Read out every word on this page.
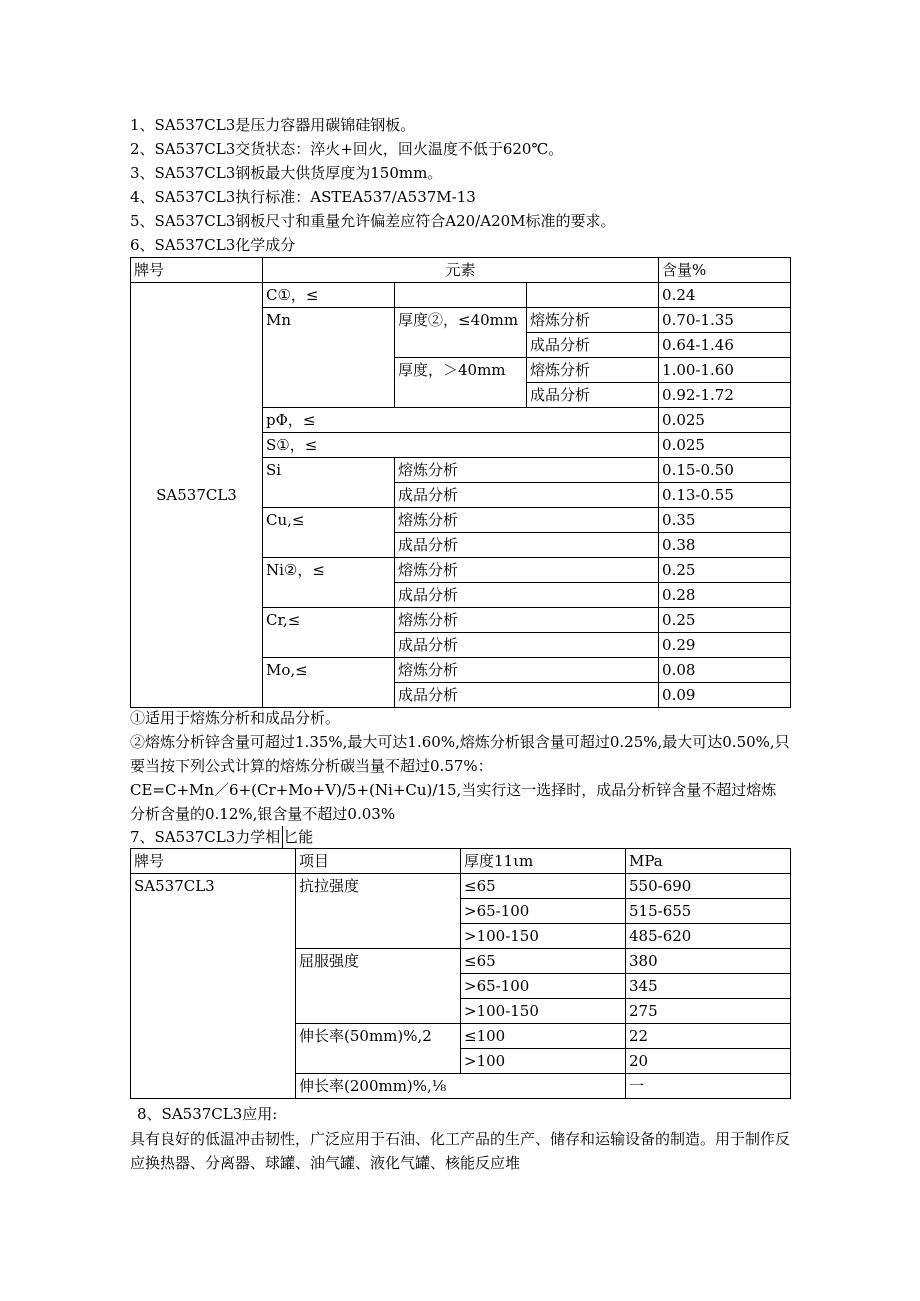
1、SA537CL3是压力容器用碳锦硅钢板。
2、SA537CL3交货状态：淬火+回火，回火温度不低于620℃。
3、SA537CL3钢板最大供货厚度为150mm。
4、SA537CL3执行标准：ASTEA537/A537M-13
5、SA537CL3钢板尺寸和重量允许偏差应符合A20/A20M标准的要求。
6、SA537CL3化学成分
牌号	元素			含量%
SA537CL3	C①，≤			0.24
	Mn	厚度②，≤40mm	熔炼分析	0.70-1.35
			成品分析	0.64-1.46
		厚度，＞40mm	熔炼分析	1.00-1.60
			成品分析	0.92-1.72
	pΦ，≤			0.025
	S①，≤			0.025
	Si	熔炼分析		0.15-0.50
		成品分析		0.13-0.55
	Cu,≤	熔炼分析		0.35
		成品分析		0.38
	Ni②，≤	熔炼分析		0.25
		成品分析		0.28
	Cr,≤	熔炼分析		0.25
		成品分析		0.29
	Mo,≤	熔炼分析		0.08
		成品分析		0.09
①适用于熔炼分析和成品分析。
②熔炼分析锌含量可超过1.35%,最大可达1.60%,熔炼分析银含量可超过0.25%,最大可达0.50%,只要当按下列公式计算的熔炼分析碳当量不超过0.57%：
CE=C+Mn／6+(Cr+Mo+V)/5+(Ni+Cu)/15,当实行这一选择时，成品分析锌含量不超过熔炼分析含量的0.12%,银含量不超过0.03%
7、SA537CL3力学相 匕能
牌号	项目	厚度11ιm	MPa
SA537CL3	抗拉强度	≤65	550-690
		>65-100	515-655
		>100-150	485-620
	屈服强度	≤65	380
		>65-100	345
		>100-150	275
	伸长率(50mm)%,2	≤100	22
		>100	20
	伸长率(200mm)%,⅛		一
8、SA537CL3应用:
具有良好的低温冲击韧性，广泛应用于石油、化工产品的生产、储存和运输设备的制造。用于制作反应换热器、分离器、球罐、油气罐、液化气罐、核能反应堆
